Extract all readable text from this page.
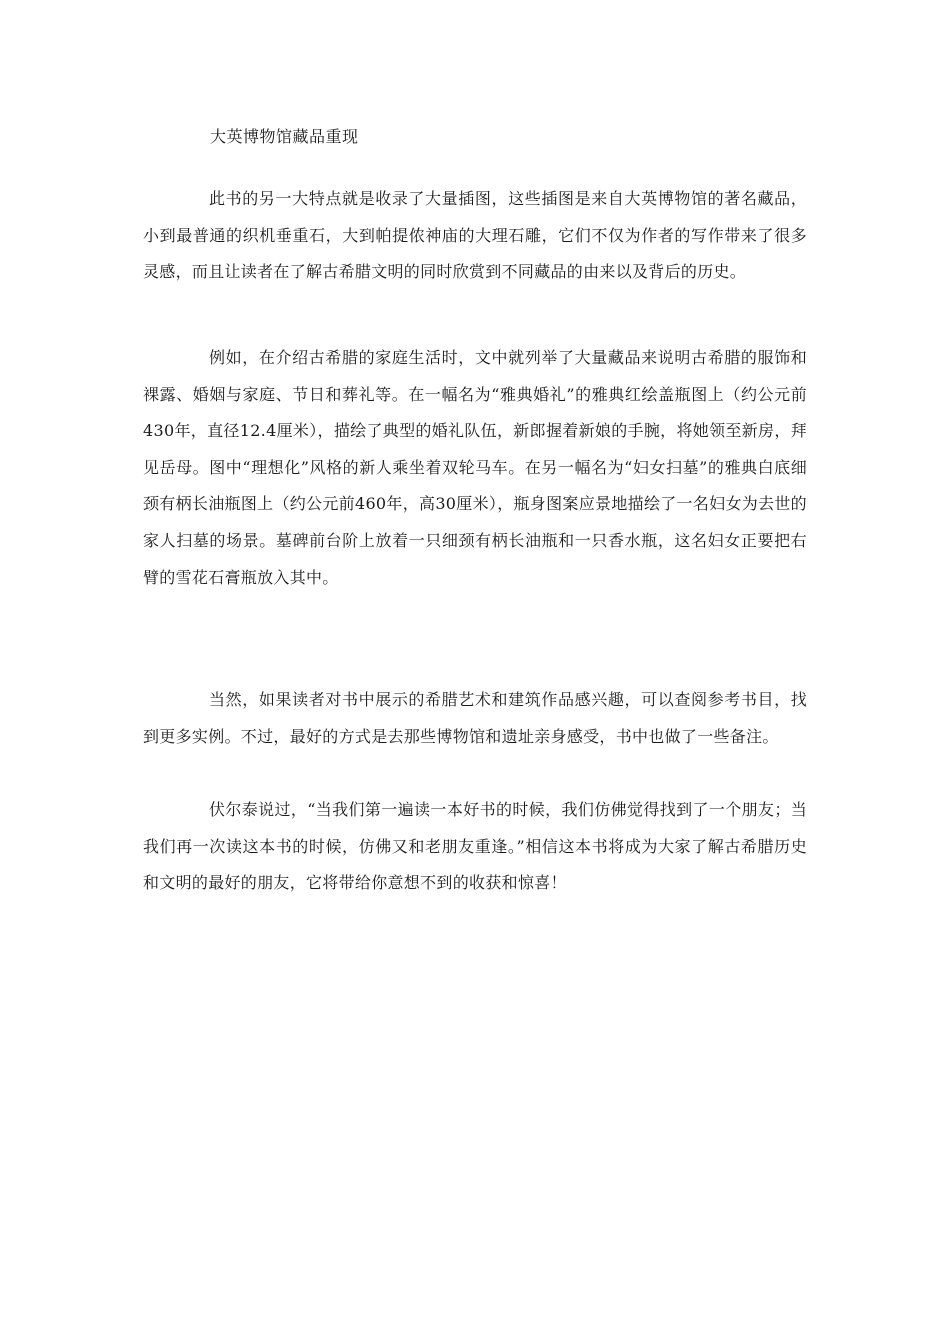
大英博物馆藏品重现

此书的另一大特点就是收录了大量插图，这些插图是来自大英博物馆的著名藏品，小到最普通的织机垂重石，大到帕提侬神庙的大理石雕，它们不仅为作者的写作带来了很多灵感，而且让读者在了解古希腊文明的同时欣赏到不同藏品的由来以及背后的历史。

例如，在介绍古希腊的家庭生活时，文中就列举了大量藏品来说明古希腊的服饰和裸露、婚姻与家庭、节日和葬礼等。在一幅名为“雅典婚礼”的雅典红绘盖瓶图上（约公元前430年，直径12.4厘米），描绘了典型的婚礼队伍，新郎握着新娘的手腕，将她领至新房，拜见岳母。图中“理想化”风格的新人乘坐着双轮马车。在另一幅名为“妇女扫墓”的雅典白底细颈有柄长油瓶图上（约公元前460年，高30厘米），瓶身图案应景地描绘了一名妇女为去世的家人扫墓的场景。墓碑前台阶上放着一只细颈有柄长油瓶和一只香水瓶，这名妇女正要把右臂的雪花石膏瓶放入其中。

当然，如果读者对书中展示的希腊艺术和建筑作品感兴趣，可以查阅参考书目，找到更多实例。不过，最好的方式是去那些博物馆和遗址亲身感受，书中也做了一些备注。

伏尔泰说过，“当我们第一遍读一本好书的时候，我们仿佛觉得找到了一个朋友；当我们再一次读这本书的时候，仿佛又和老朋友重逢。”相信这本书将成为大家了解古希腊历史和文明的最好的朋友，它将带给你意想不到的收获和惊喜！
